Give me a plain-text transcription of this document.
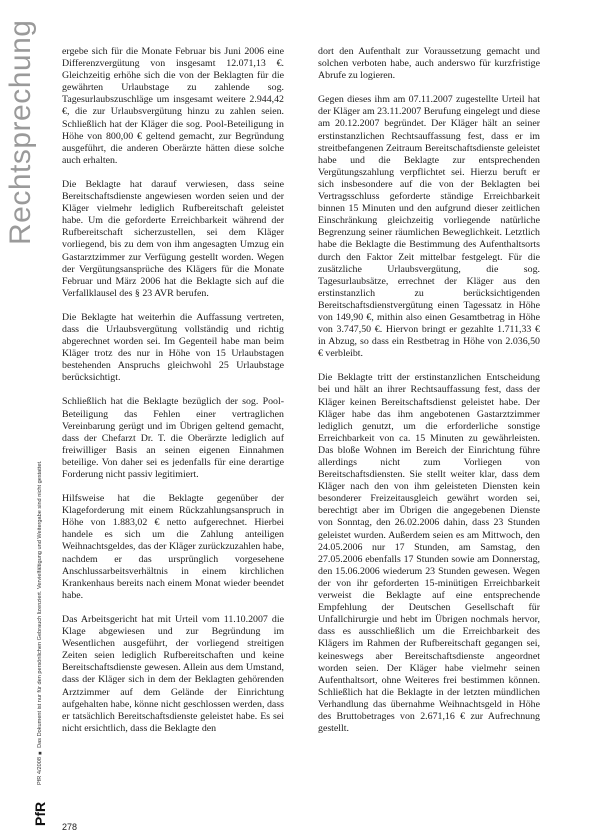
Rechtsprechung
PfR 4/2008 ■ Das Dokument ist nur für den persönlichen Gebrauch lizenziert. Vervielfältigung und Weitergabe sind nicht gestattet.
PfR
278

ergebe sich für die Monate Februar bis Juni 2006 eine Differenzvergütung von insgesamt 12.071,13 €. Gleichzeitig erhöhe sich die von der Beklagten für die gewährten Urlaubstage zu zahlende sog. Tagesurlaubszuschläge um insgesamt weitere 2.944,42 €, die zur Urlaubsvergütung hinzu zu zahlen seien. Schließlich hat der Kläger die sog. Pool-Beteiligung in Höhe von 800,00 € geltend gemacht, zur Begründung ausgeführt, die anderen Oberärzte hätten diese solche auch erhalten.

Die Beklagte hat darauf verwiesen, dass seine Bereitschaftsdienste angewiesen worden seien und der Kläger vielmehr lediglich Rufbereitschaft geleistet habe. Um die geforderte Erreichbarkeit während der Rufbereitschaft sicherzustellen, sei dem Kläger vorliegend, bis zu dem von ihm angesagten Umzug ein Gastarztzimmer zur Verfügung gestellt worden. Wegen der Vergütungsansprüche des Klägers für die Monate Februar und März 2006 hat die Beklagte sich auf die Verfallklausel des § 23 AVR berufen.

Die Beklagte hat weiterhin die Auffassung vertreten, dass die Urlaubsvergütung vollständig und richtig abgerechnet worden sei. Im Gegenteil habe man beim Kläger trotz des nur in Höhe von 15 Urlaubstagen bestehenden Anspruchs gleichwohl 25 Urlaubstage berücksichtigt.

Schließlich hat die Beklagte bezüglich der sog. Pool-Beteiligung das Fehlen einer vertraglichen Vereinbarung gerügt und im Übrigen geltend gemacht, dass der Chefarzt Dr. T. die Oberärzte lediglich auf freiwilliger Basis an seinen eigenen Einnahmen beteilige. Von daher sei es jedenfalls für eine derartige Forderung nicht passiv legitimiert.

Hilfsweise hat die Beklagte gegenüber der Klageforderung mit einem Rückzahlungsanspruch in Höhe von 1.883,02 € netto aufgerechnet. Hierbei handele es sich um die Zahlung anteiligen Weihnachtsgeldes, das der Kläger zurückzuzahlen habe, nachdem er das ursprünglich vorgesehene Anschlussarbeitsverhältnis in einem kirchlichen Krankenhaus bereits nach einem Monat wieder beendet habe.

Das Arbeitsgericht hat mit Urteil vom 11.10.2007 die Klage abgewiesen und zur Begründung im Wesentlichen ausgeführt, der vorliegend streitigen Zeiten seien lediglich Rufbereitschaften und keine Bereitschaftsdienste gewesen. Allein aus dem Umstand, dass der Kläger sich in dem der Beklagten gehörenden Arztzimmer auf dem Gelände der Einrichtung aufgehalten habe, könne nicht geschlossen werden, dass er tatsächlich Bereitschaftsdienste geleistet habe. Es sei nicht ersichtlich, dass die Beklagte den

dort den Aufenthalt zur Voraussetzung gemacht und solchen verboten habe, auch anderswo für kurzfristige Abrufe zu logieren.

Gegen dieses ihm am 07.11.2007 zugestellte Urteil hat der Kläger am 23.11.2007 Berufung eingelegt und diese am 20.12.2007 begründet. Der Kläger hält an seiner erstinstanzlichen Rechtsauffassung fest, dass er im streitbefangenen Zeitraum Bereitschaftsdienste geleistet habe und die Beklagte zur entsprechenden Vergütungszahlung verpflichtet sei. Hierzu beruft er sich insbesondere auf die von der Beklagten bei Vertragsschluss geforderte ständige Erreichbarkeit binnen 15 Minuten und den aufgrund dieser zeitlichen Einschränkung gleichzeitig vorliegende natürliche Begrenzung seiner räumlichen Beweglichkeit. Letztlich habe die Beklagte die Bestimmung des Aufenthaltsorts durch den Faktor Zeit mittelbar festgelegt. Für die zusätzliche Urlaubsvergütung, die sog. Tagesurlaubsätze, errechnet der Kläger aus den erstinstanzlich zu berücksichtigenden Bereitschaftsdienstvergütung einen Tagessatz in Höhe von 149,90 €, mithin also einen Gesamtbetrag in Höhe von 3.747,50 €. Hiervon bringt er gezahlte 1.711,33 € in Abzug, so dass ein Restbetrag in Höhe von 2.036,50 € verbleibt.

Die Beklagte tritt der erstinstanzlichen Entscheidung bei und hält an ihrer Rechtsauffassung fest, dass der Kläger keinen Bereitschaftsdienst geleistet habe. Der Kläger habe das ihm angebotenen Gastarztzimmer lediglich genutzt, um die erforderliche sonstige Erreichbarkeit von ca. 15 Minuten zu gewährleisten. Das bloße Wohnen im Bereich der Einrichtung führe allerdings nicht zum Vorliegen von Bereitschaftsdiensten. Sie stellt weiter klar, dass dem Kläger nach den von ihm geleisteten Diensten kein besonderer Freizeitausgleich gewährt worden sei, berechtigt aber im Übrigen die angegebenen Dienste von Sonntag, den 26.02.2006 dahin, dass 23 Stunden geleistet wurden. Außerdem seien es am Mittwoch, den 24.05.2006 nur 17 Stunden, am Samstag, den 27.05.2006 ebenfalls 17 Stunden sowie am Donnerstag, den 15.06.2006 wiederum 23 Stunden gewesen. Wegen der von ihr geforderten 15-minütigen Erreichbarkeit verweist die Beklagte auf eine entsprechende Empfehlung der Deutschen Gesellschaft für Unfallchirurgie und hebt im Übrigen nochmals hervor, dass es ausschließlich um die Erreichbarkeit des Klägers im Rahmen der Rufbereitschaft gegangen sei, keineswegs aber Bereitschaftsdienste angeordnet worden seien. Der Kläger habe vielmehr seinen Aufenthaltsort, ohne Weiteres frei bestimmen können. Schließlich hat die Beklagte in der letzten mündlichen Verhandlung das übernahme Weihnachtsgeld in Höhe des Bruttobetrages von 2.671,16 € zur Aufrechnung gestellt.
